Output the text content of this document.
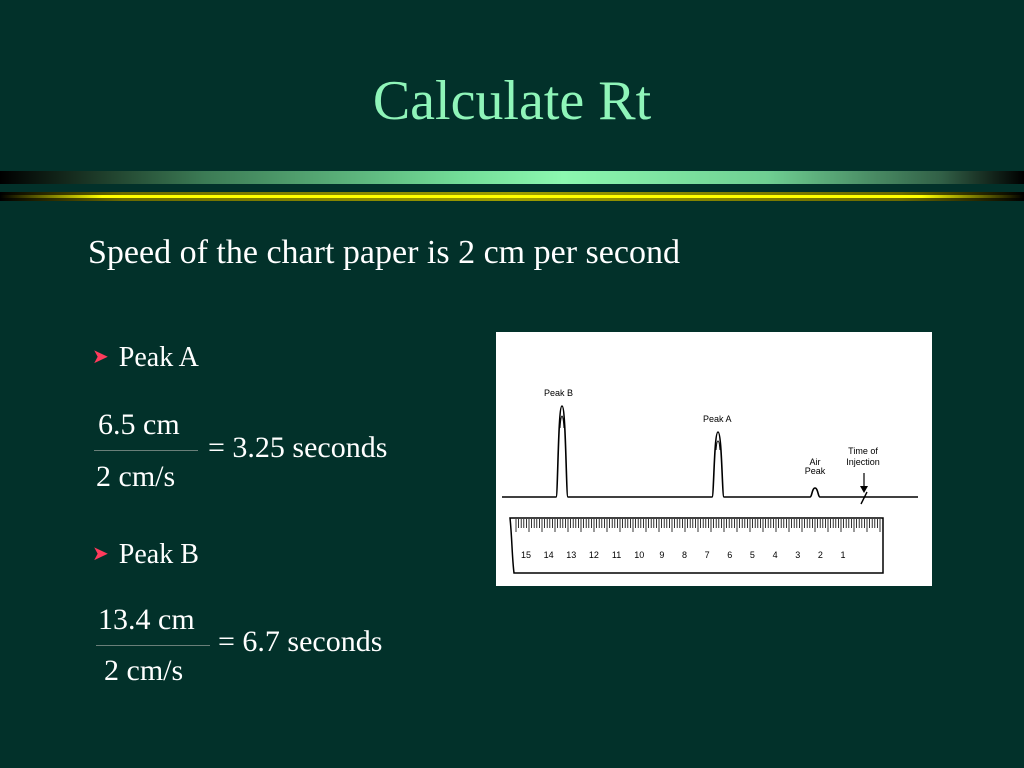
Calculate Rt
Speed of the chart paper is 2 cm per second
➤ Peak A
6.5 cm
2 cm/s
= 3.25 seconds
➤ Peak B
13.4 cm
2 cm/s
= 6.7 seconds
Peak B
Peak A
Air
Peak
Time of
Injection
15 14 13 12 11 10 9 8 7 6 5 4 3 2 1
